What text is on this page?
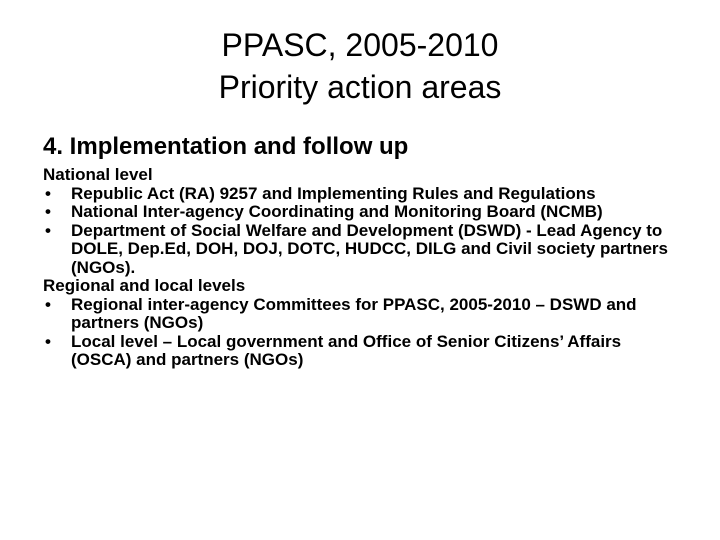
PPASC, 2005-2010
Priority action areas
4. Implementation and follow up
National level
• Republic Act (RA) 9257 and Implementing Rules and Regulations
• National Inter-agency Coordinating and Monitoring Board (NCMB)
• Department of Social Welfare and Development (DSWD) - Lead Agency to DOLE, Dep.Ed, DOH, DOJ, DOTC, HUDCC, DILG and Civil society partners (NGOs).
Regional and local levels
• Regional inter-agency Committees for PPASC, 2005-2010 – DSWD and partners (NGOs)
• Local level – Local government and Office of Senior Citizens’ Affairs (OSCA) and partners (NGOs)
